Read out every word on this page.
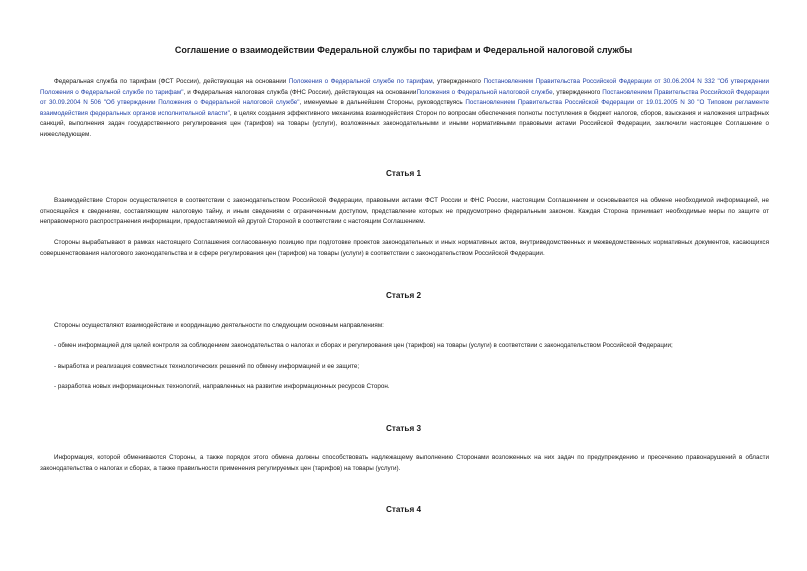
Соглашение о взаимодействии Федеральной службы по тарифам и Федеральной налоговой службы

Федеральная служба по тарифам (ФСТ России), действующая на основании Положения о Федеральной службе по тарифам, утвержденного Постановлением Правительства Российской Федерации от 30.06.2004 N 332 "Об утверждении Положения о Федеральной службе по тарифам", и Федеральная налоговая служба (ФНС России), действующая на основанииПоложения о Федеральной налоговой службе, утвержденного Постановлением Правительства Российской Федерации от 30.09.2004 N 506 "Об утверждении Положения о Федеральной налоговой службе", именуемые в дальнейшем Стороны, руководствуясь Постановлением Правительства Российской Федерации от 19.01.2005 N 30 "О Типовом регламенте взаимодействия федеральных органов исполнительной власти", в целях создания эффективного механизма взаимодействия Сторон по вопросам обеспечения полноты поступления в бюджет налогов, сборов, взыскания и наложения штрафных санкций, выполнения задач государственного регулирования цен (тарифов) на товары (услуги), возложенных законодательными и иными нормативными правовыми актами Российской Федерации, заключили настоящее Соглашение о нижеследующем.

Статья 1

Взаимодействие Сторон осуществляется в соответствии с законодательством Российской Федерации, правовыми актами ФСТ России и ФНС России, настоящим Соглашением и основывается на обмене необходимой информацией, не относящейся к сведениям, составляющим налоговую тайну, и иным сведениям с ограниченным доступом, представление которых не предусмотрено федеральным законом. Каждая Сторона принимает необходимые меры по защите от неправомерного распространения информации, предоставляемой ей другой Стороной в соответствии с настоящим Соглашением.

Стороны вырабатывают в рамках настоящего Соглашения согласованную позицию при подготовке проектов законодательных и иных нормативных актов, внутриведомственных и межведомственных нормативных документов, касающихся совершенствования налогового законодательства и в сфере регулирования цен (тарифов) на товары (услуги) в соответствии с законодательством Российской Федерации.

Статья 2

Стороны осуществляют взаимодействие и координацию деятельности по следующим основным направлениям:

- обмен информацией для целей контроля за соблюдением законодательства о налогах и сборах и регулирования цен (тарифов) на товары (услуги) в соответствии с законодательством Российской Федерации;

- выработка и реализация совместных технологических решений по обмену информацией и ее защите;

- разработка новых информационных технологий, направленных на развитие информационных ресурсов Сторон.

Статья 3

Информация, которой обмениваются Стороны, а также порядок этого обмена должны способствовать надлежащему выполнению Сторонами возложенных на них задач по предупреждению и пресечению правонарушений в области законодательства о налогах и сборах, а также правильности применения регулируемых цен (тарифов) на товары (услуги).

Статья 4
